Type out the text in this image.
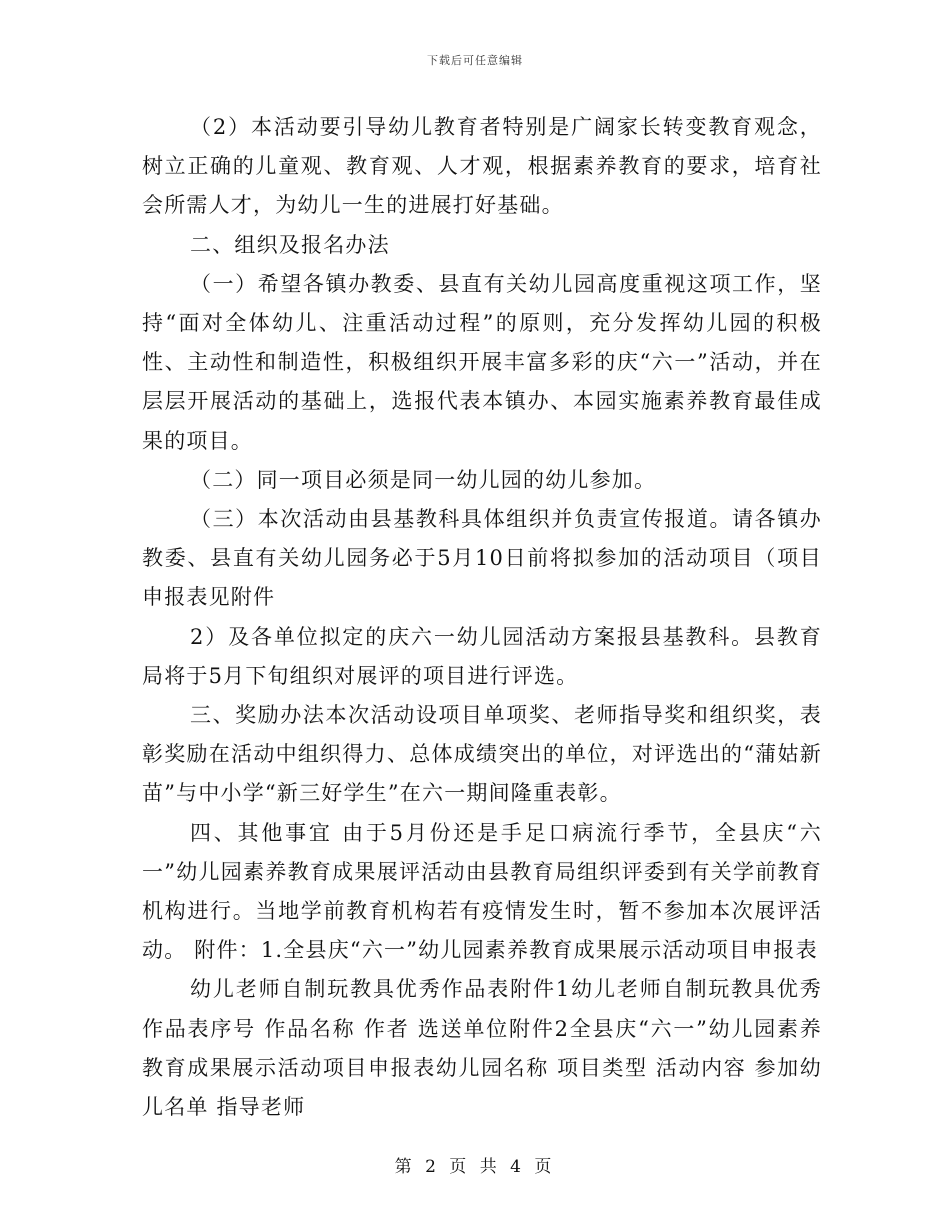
下载后可任意编辑

（2）本活动要引导幼儿教育者特别是广阔家长转变教育观念，树立正确的儿童观、教育观、人才观，根据素养教育的要求，培育社会所需人才，为幼儿一生的进展打好基础。

二、组织及报名办法

（一）希望各镇办教委、县直有关幼儿园高度重视这项工作，坚持“面对全体幼儿、注重活动过程”的原则，充分发挥幼儿园的积极性、主动性和制造性，积极组织开展丰富多彩的庆“六一”活动，并在层层开展活动的基础上，选报代表本镇办、本园实施素养教育最佳成果的项目。

（二）同一项目必须是同一幼儿园的幼儿参加。

（三）本次活动由县基教科具体组织并负责宣传报道。请各镇办教委、县直有关幼儿园务必于5月10日前将拟参加的活动项目（项目申报表见附件

2）及各单位拟定的庆六一幼儿园活动方案报县基教科。县教育局将于5月下旬组织对展评的项目进行评选。

三、奖励办法本次活动设项目单项奖、老师指导奖和组织奖，表彰奖励在活动中组织得力、总体成绩突出的单位，对评选出的“蒲姑新苗”与中小学“新三好学生”在六一期间隆重表彰。

四、其他事宜 由于5月份还是手足口病流行季节，全县庆“六一”幼儿园素养教育成果展评活动由县教育局组织评委到有关学前教育机构进行。当地学前教育机构若有疫情发生时，暂不参加本次展评活动。 附件：1.全县庆“六一”幼儿园素养教育成果展示活动项目申报表

幼儿老师自制玩教具优秀作品表附件1幼儿老师自制玩教具优秀作品表序号 作品名称 作者 选送单位附件2全县庆“六一”幼儿园素养教育成果展示活动项目申报表幼儿园名称 项目类型 活动内容 参加幼儿名单 指导老师

第 2 页 共 4 页
